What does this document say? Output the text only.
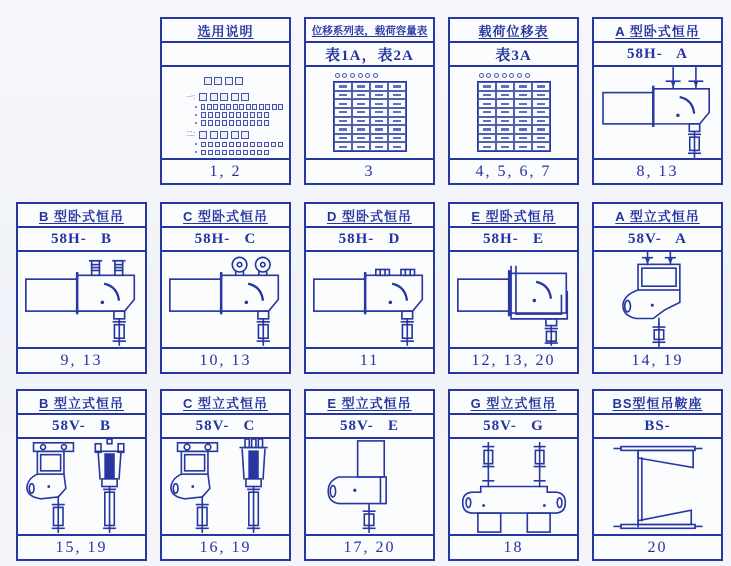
选用说明
一:
二:
1, 2
位移系列表，载荷容量表
表1A，表2A
3
载荷位移表
表3A
4, 5, 6, 7
A 型卧式恒吊
58H-   A
8, 13
B 型卧式恒吊
58H-   B
9, 13
C 型卧式恒吊
58H-   C
10, 13
D 型卧式恒吊
58H-   D
11
E 型卧式恒吊
58H-   E
12, 13, 20
A 型立式恒吊
58V-   A
14, 19
B 型立式恒吊
58V-   B
15, 19
C 型立式恒吊
58V-   C
16, 19
E 型立式恒吊
58V-   E
17, 20
G 型立式恒吊
58V-   G
18
BS型恒吊鞍座
BS-
20
